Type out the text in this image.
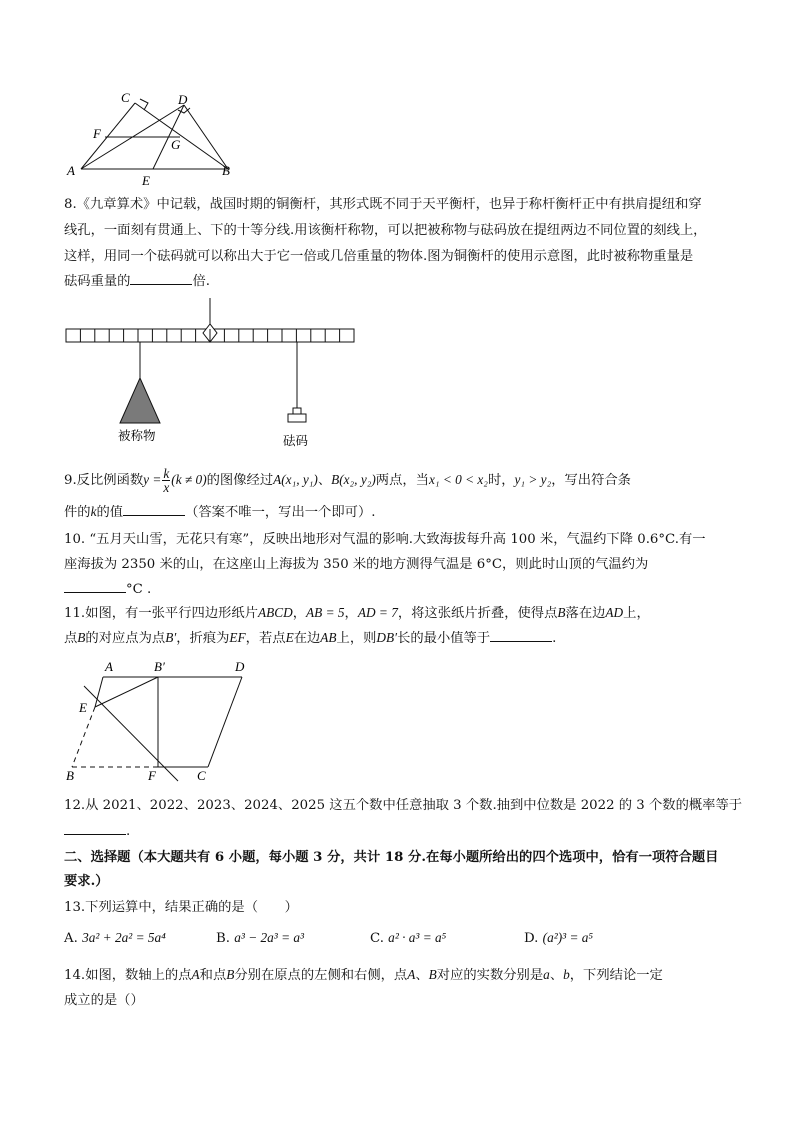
C	D
F
G
A
E
B
8.《九章算术》中记载，战国时期的铜衡杆，其形式既不同于天平衡杆，也异于称杆衡杆正中有拱肩提纽和穿
线孔，一面刻有贯通上、下的十等分线.用该衡杆称物，可以把被称物与砝码放在提纽两边不同位置的刻线上，
这样，用同一个砝码就可以称出大于它一倍或几倍重量的物体.图为铜衡杆的使用示意图，此时被称物重量是
砝码重量的	倍.
被称物	砝码
9.反比例函数$y = \frac{k}{x} (k \ne 0)$的图像经过A(x₁, y₁)、B(x₂, y₂)两点，当x₁ < 0 < x₂时，y₁ > y₂，写出符合条
件的k的值	（答案不唯一，写出一个即可）.
10. “五月天山雪，无花只有寒”，反映出地形对气温的影响.大致海拔每升高 100 米，气温约下降 0.6°C.有一
座海拔为 2350 米的山，在这座山上海拔为 350 米的地方测得气温是 6°C，则此时山顶的气温约为
°C .
11.如图，有一张平行四边形纸片ABCD，AB = 5，AD = 7，将这张纸片折叠，使得点B落在边AD上，
点B的对应点为点B′，折痕为EF，若点E在边AB上，则DB′长的最小值等于	.
A	B′	D
E
B	F	C
12.从 2021、2022、2023、2024、2025 这五个数中任意抽取 3 个数.抽到中位数是 2022 的 3 个数的概率等于
.
二、选择题（本大题共有 6 小题，每小题 3 分，共计 18 分.在每小题所给出的四个选项中，恰有一项符合题目
要求.）
13.下列运算中，结果正确的是（　　）
A. 3a² + 2a² = 5a⁴	B. a³ − 2a³ = a³	C. a² · a³ = a⁵	D. (a²)³ = a⁵
14.如图，数轴上的点A和点B分别在原点的左侧和右侧，点A、B对应的实数分别是a、b，下列结论一定
成立的是（）
